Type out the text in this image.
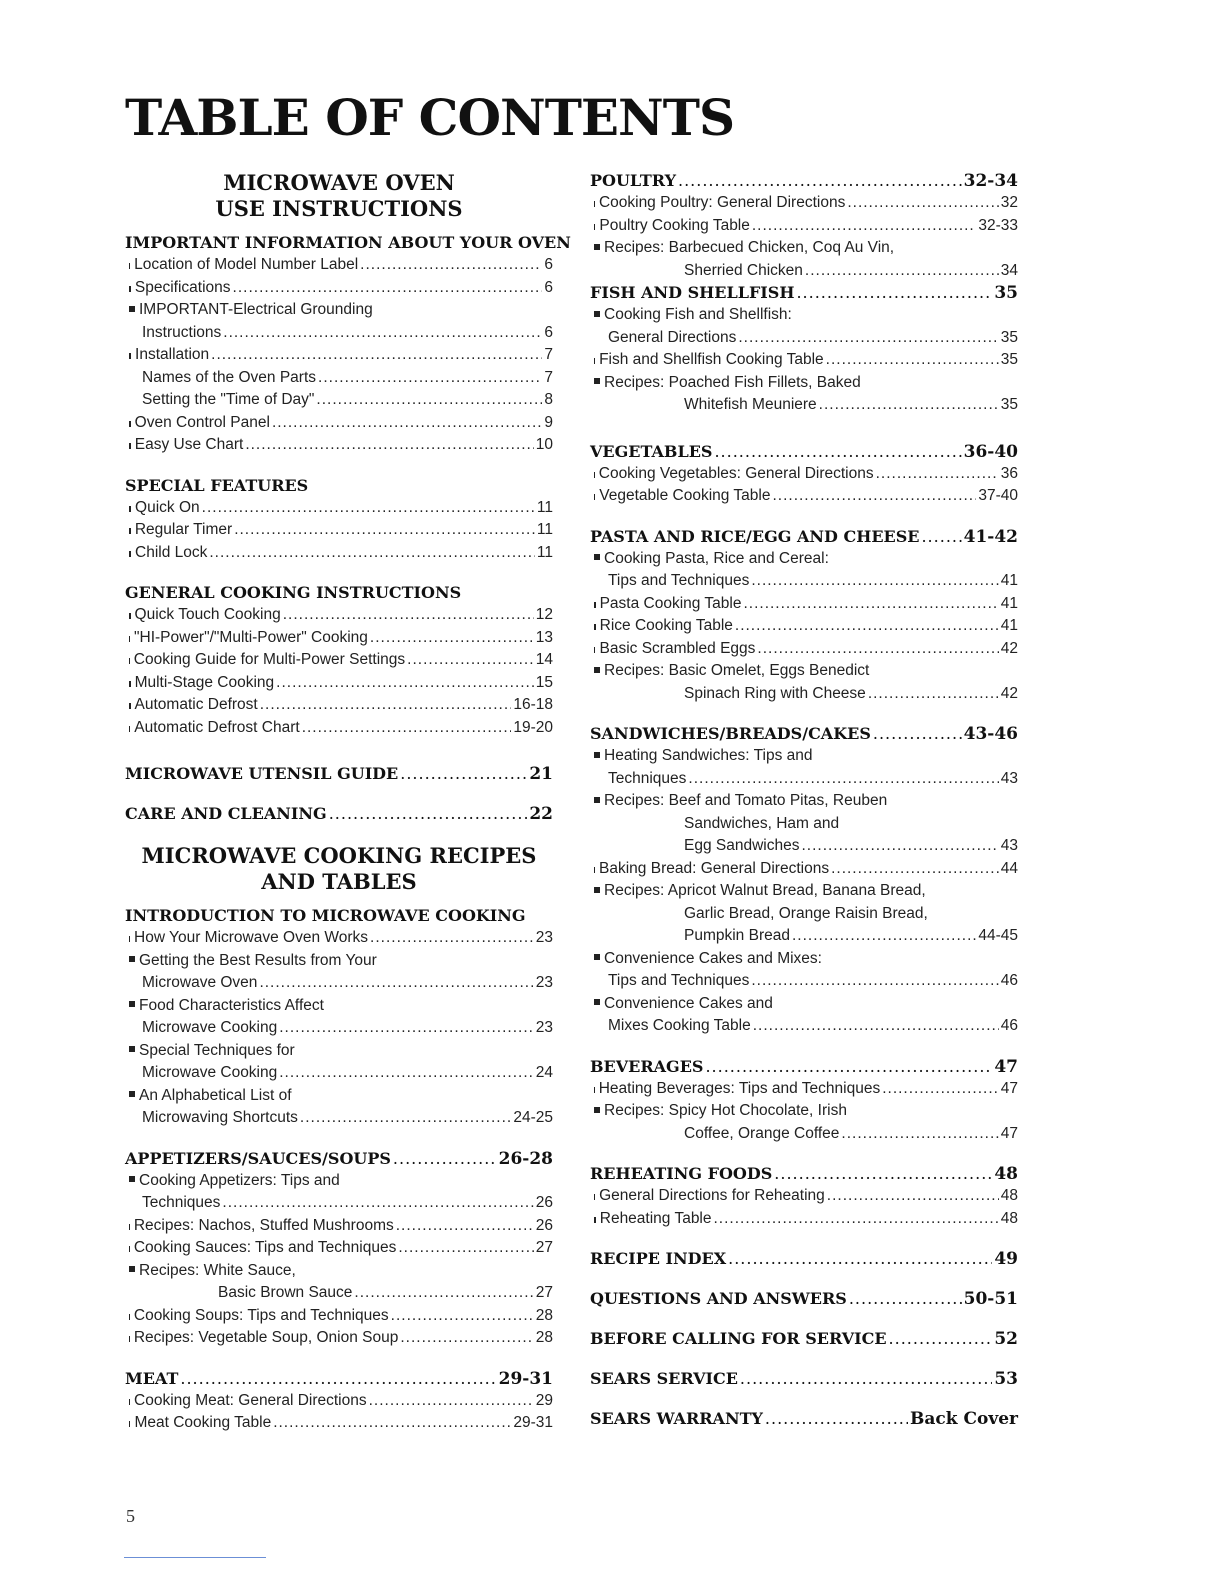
TABLE OF CONTENTS
MICROWAVE OVEN
USE INSTRUCTIONS
IMPORTANT INFORMATION ABOUT YOUR OVEN
Location of Model Number Label .....	6
Specifications .....	6
IMPORTANT-Electrical Grounding
Instructions .....	6
Installation .....	7
Names of the Oven Parts .....	7
Setting the "Time of Day" .....	8
Oven Control Panel .....	9
Easy Use Chart .....	10
SPECIAL FEATURES
Quick On .....	11
Regular Timer .....	11
Child Lock .....	11
GENERAL COOKING INSTRUCTIONS
Quick Touch Cooking .....	12
"HI-Power"/"Multi-Power" Cooking .....	13
Cooking Guide for Multi-Power Settings .....	14
Multi-Stage Cooking .....	15
Automatic Defrost .....	16-18
Automatic Defrost Chart .....	19-20
MICROWAVE UTENSIL GUIDE .....	21
CARE AND CLEANING .....	22
MICROWAVE COOKING RECIPES
AND TABLES
INTRODUCTION TO MICROWAVE COOKING
How Your Microwave Oven Works .....	23
Getting the Best Results from Your
Microwave Oven .....	23
Food Characteristics Affect
Microwave Cooking .....	23
Special Techniques for
Microwave Cooking .....	24
An Alphabetical List of
Microwaving Shortcuts .....	24-25
APPETIZERS/SAUCES/SOUPS .....	26-28
Cooking Appetizers: Tips and
Techniques .....	26
Recipes: Nachos, Stuffed Mushrooms .....	26
Cooking Sauces: Tips and Techniques .....	27
Recipes: White Sauce,
Basic Brown Sauce .....	27
Cooking Soups: Tips and Techniques .....	28
Recipes: Vegetable Soup, Onion Soup .....	28
MEAT .....	29-31
Cooking Meat: General Directions .....	29
Meat Cooking Table .....	29-31
POULTRY .....	32-34
Cooking Poultry: General Directions .....	32
Poultry Cooking Table .....	32-33
Recipes: Barbecued Chicken, Coq Au Vin,
Sherried Chicken .....	34
FISH AND SHELLFISH .....	35
Cooking Fish and Shellfish:
General Directions .....	35
Fish and Shellfish Cooking Table .....	35
Recipes: Poached Fish Fillets, Baked
Whitefish Meuniere .....	35
VEGETABLES .....	36-40
Cooking Vegetables: General Directions .....	36
Vegetable Cooking Table .....	37-40
PASTA AND RICE/EGG AND CHEESE .....	41-42
Cooking Pasta, Rice and Cereal:
Tips and Techniques .....	41
Pasta Cooking Table .....	41
Rice Cooking Table .....	41
Basic Scrambled Eggs .....	42
Recipes: Basic Omelet, Eggs Benedict
Spinach Ring with Cheese .....	42
SANDWICHES/BREADS/CAKES .....	43-46
Heating Sandwiches: Tips and
Techniques .....	43
Recipes: Beef and Tomato Pitas, Reuben
Sandwiches, Ham and
Egg Sandwiches .....	43
Baking Bread: General Directions .....	44
Recipes: Apricot Walnut Bread, Banana Bread,
Garlic Bread, Orange Raisin Bread,
Pumpkin Bread .....	44-45
Convenience Cakes and Mixes:
Tips and Techniques .....	46
Convenience Cakes and
Mixes Cooking Table .....	46
BEVERAGES .....	47
Heating Beverages: Tips and Techniques .....	47
Recipes: Spicy Hot Chocolate, Irish
Coffee, Orange Coffee .....	47
REHEATING FOODS .....	48
General Directions for Reheating .....	48
Reheating Table .....	48
RECIPE INDEX .....	49
QUESTIONS AND ANSWERS .....	50-51
BEFORE CALLING FOR SERVICE .....	52
SEARS SERVICE .....	53
SEARS WARRANTY .....	Back Cover
5
